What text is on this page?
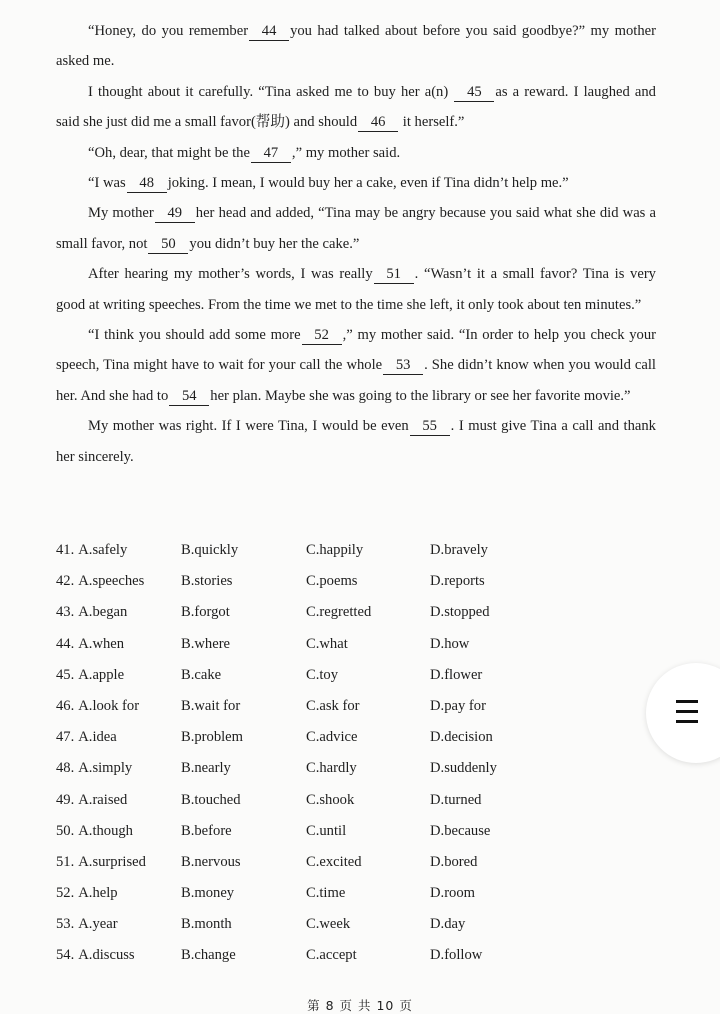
“Honey, do you remember 44 you had talked about before you said goodbye?” my mother asked me.

I thought about it carefully. “Tina asked me to buy her a(n) 45 as a reward. I laughed and said she just did me a small favor(帮助) and should 46 it herself.”

“Oh, dear, that might be the 47 ,” my mother said.

“I was 48 joking. I mean, I would buy her a cake, even if Tina didn’t help me.”

My mother 49 her head and added, “Tina may be angry because you said what she did was a small favor, not 50 you didn’t buy her the cake.”

After hearing my mother’s words, I was really 51 . “Wasn’t it a small favor? Tina is very good at writing speeches. From the time we met to the time she left, it only took about ten minutes.”

“I think you should add some more 52 ,” my mother said. “In order to help you check your speech, Tina might have to wait for your call the whole 53 . She didn’t know when you would call her. And she had to 54 her plan. Maybe she was going to the library or see her favorite movie.”

My mother was right. If I were Tina, I would be even 55 . I must give Tina a call and thank her sincerely.

41. A.safely	B.quickly	C.happily	D.bravely
42. A.speeches	B.stories	C.poems	D.reports
43. A.began	B.forgot	C.regretted	D.stopped
44. A.when	B.where	C.what	D.how
45. A.apple	B.cake	C.toy	D.flower
46. A.look for	B.wait for	C.ask for	D.pay for
47. A.idea	B.problem	C.advice	D.decision
48. A.simply	B.nearly	C.hardly	D.suddenly
49. A.raised	B.touched	C.shook	D.turned
50. A.though	B.before	C.until	D.because
51. A.surprised B.nervous	C.excited	D.bored
52. A.help	B.money	C.time	D.room
53. A.year	B.month	C.week	D.day
54. A.discuss	B.change	C.accept	D.follow
第 8 页 共 10 页
